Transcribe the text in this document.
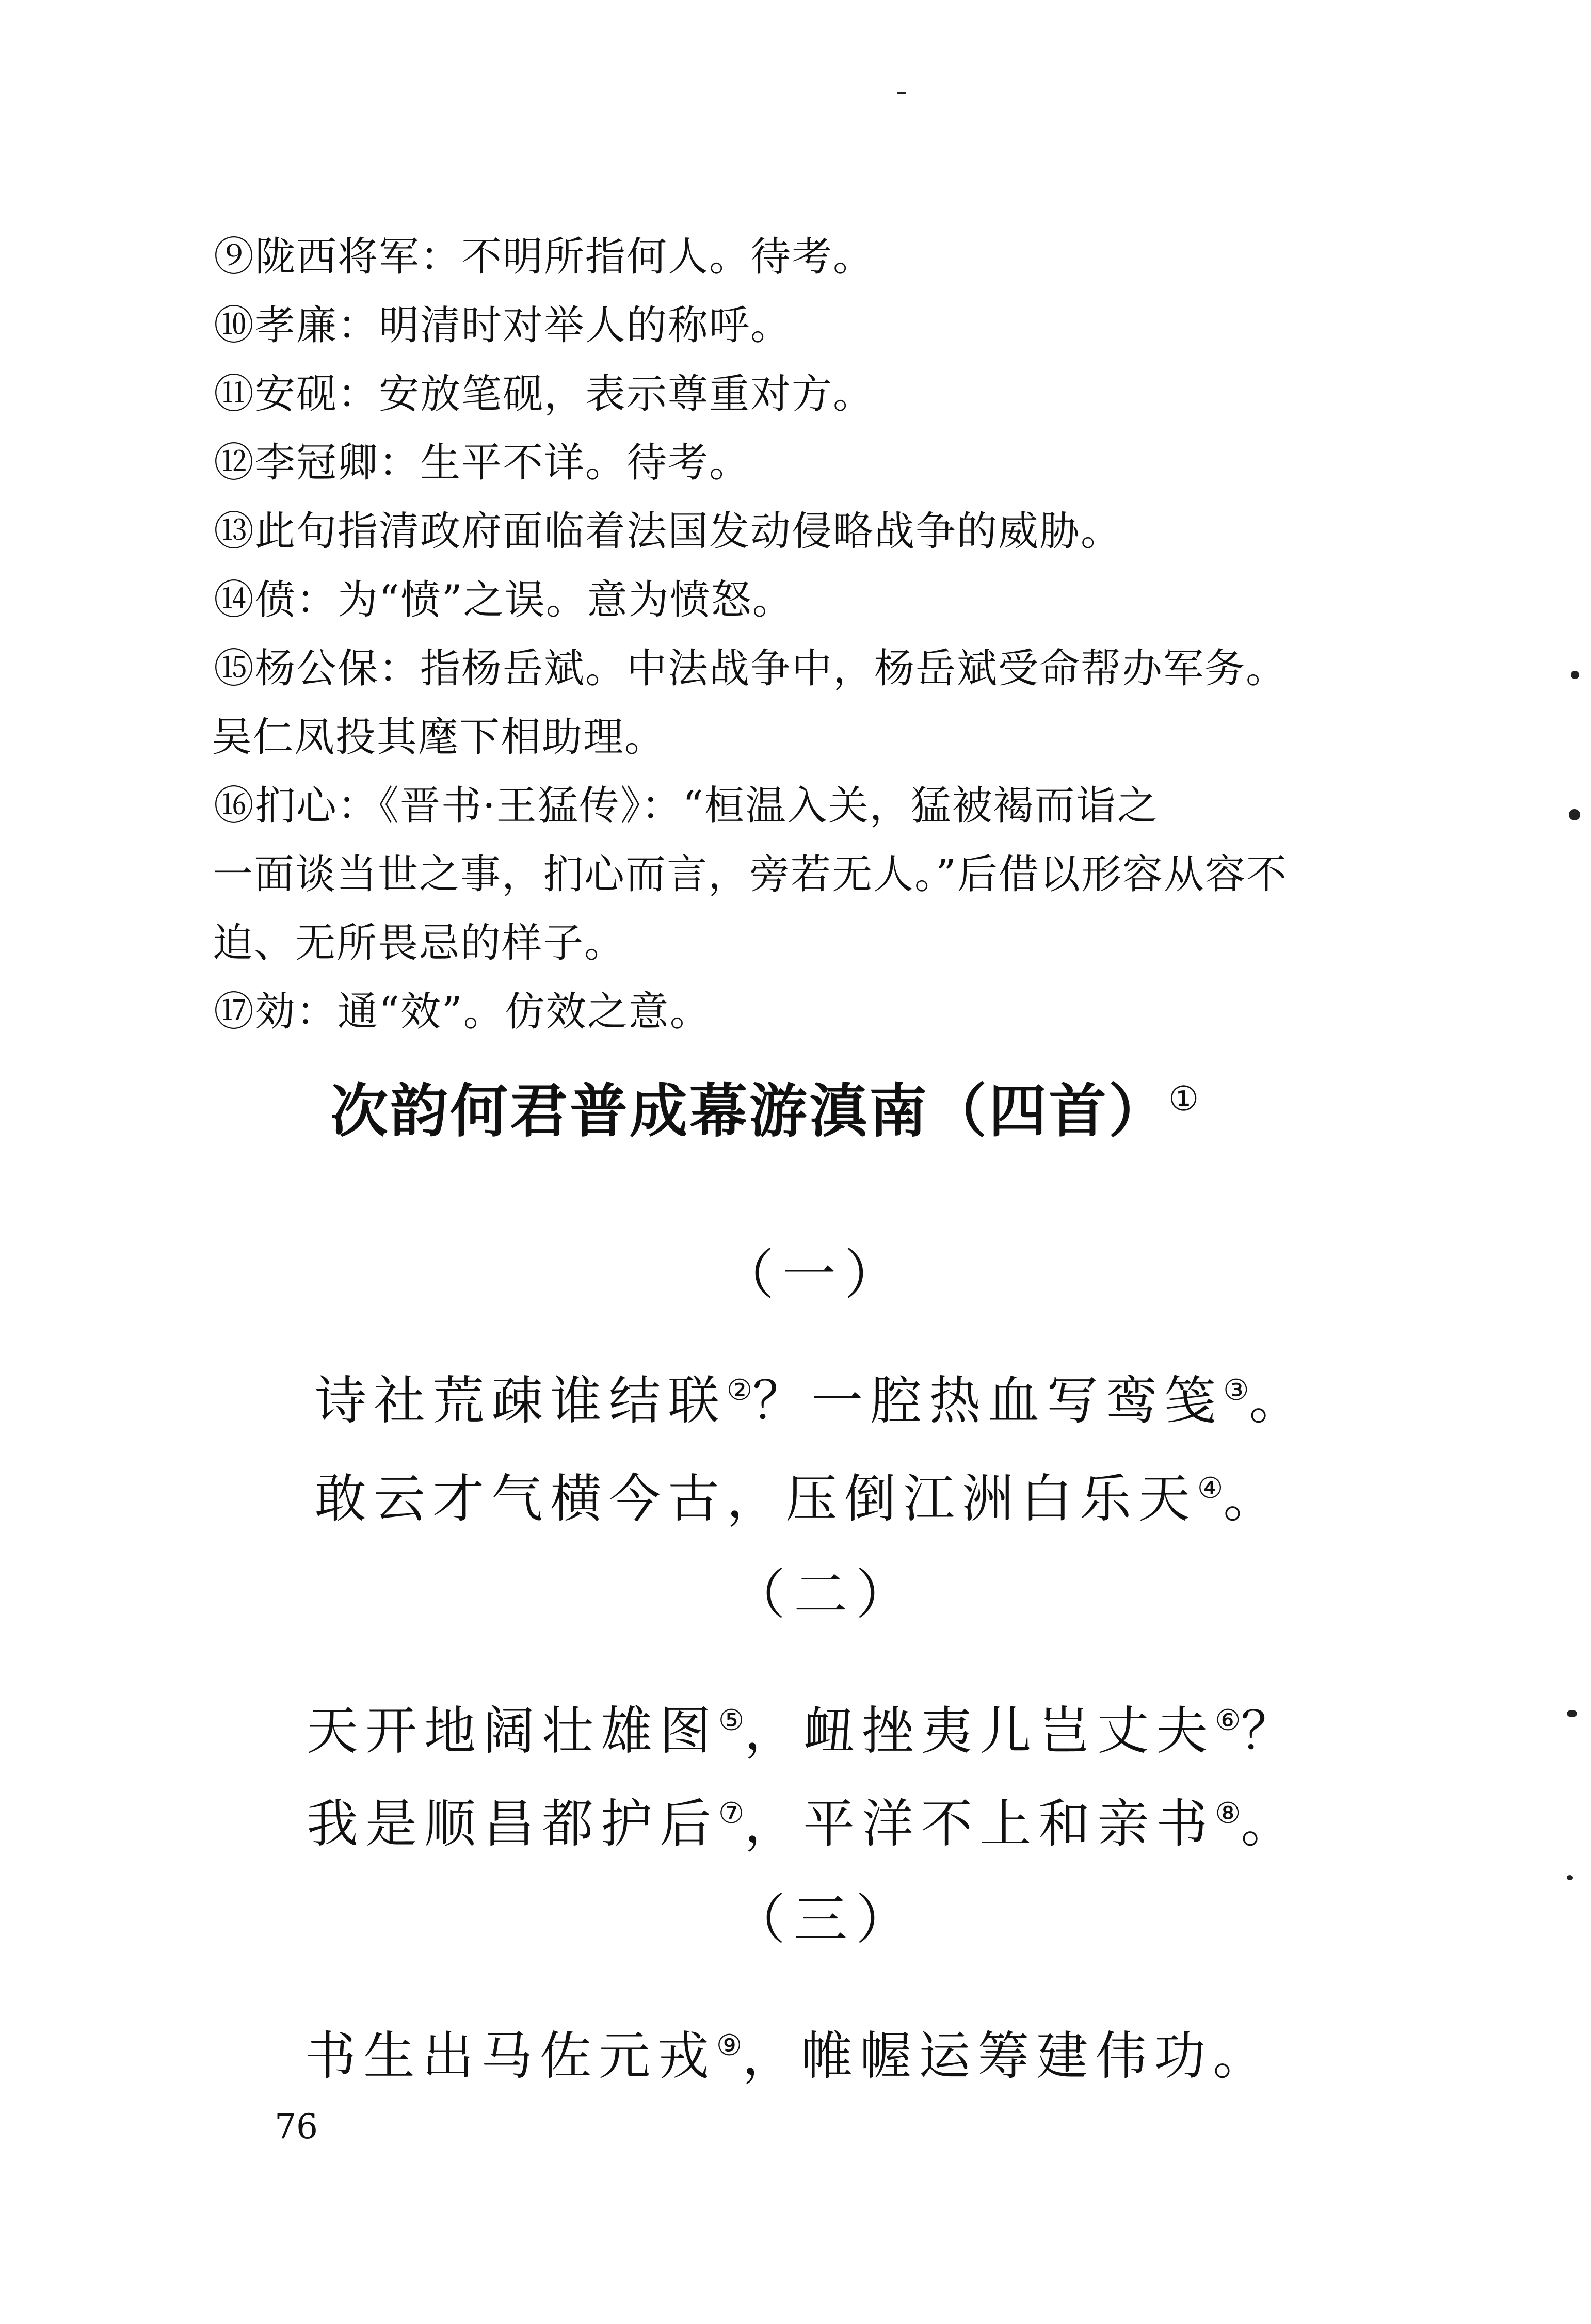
⑨陇西将军：不明所指何人。待考。
⑩孝廉：明清时对举人的称呼。
⑪安砚：安放笔砚，表示尊重对方。
⑫李冠卿：生平不详。待考。
⑬此句指清政府面临着法国发动侵略战争的威胁。
⑭偾：为“愤”之误。意为愤怒。
⑮杨公保：指杨岳斌。中法战争中，杨岳斌受命帮办军务。
吴仁凤投其麾下相助理。
⑯扪心：《晋书·王猛传》：“桓温入关，猛被褐而诣之
一面谈当世之事，扪心而言，旁若无人。”后借以形容从容不
迫、无所畏忌的样子。
⑰効：通“效”。仿效之意。
次韵何君普成幕游滇南（四首）①
（一）
诗社荒疎谁结联②？一腔热血写鸾笺③。
敢云才气横今古，压倒江洲白乐天④。
（二）
天开地阔壮雄图⑤，衄挫夷儿岂丈夫⑥？
我是顺昌都护后⑦，平洋不上和亲书⑧。
（三）
书生出马佐元戎⑨，帷幄运筹建伟功。
76
